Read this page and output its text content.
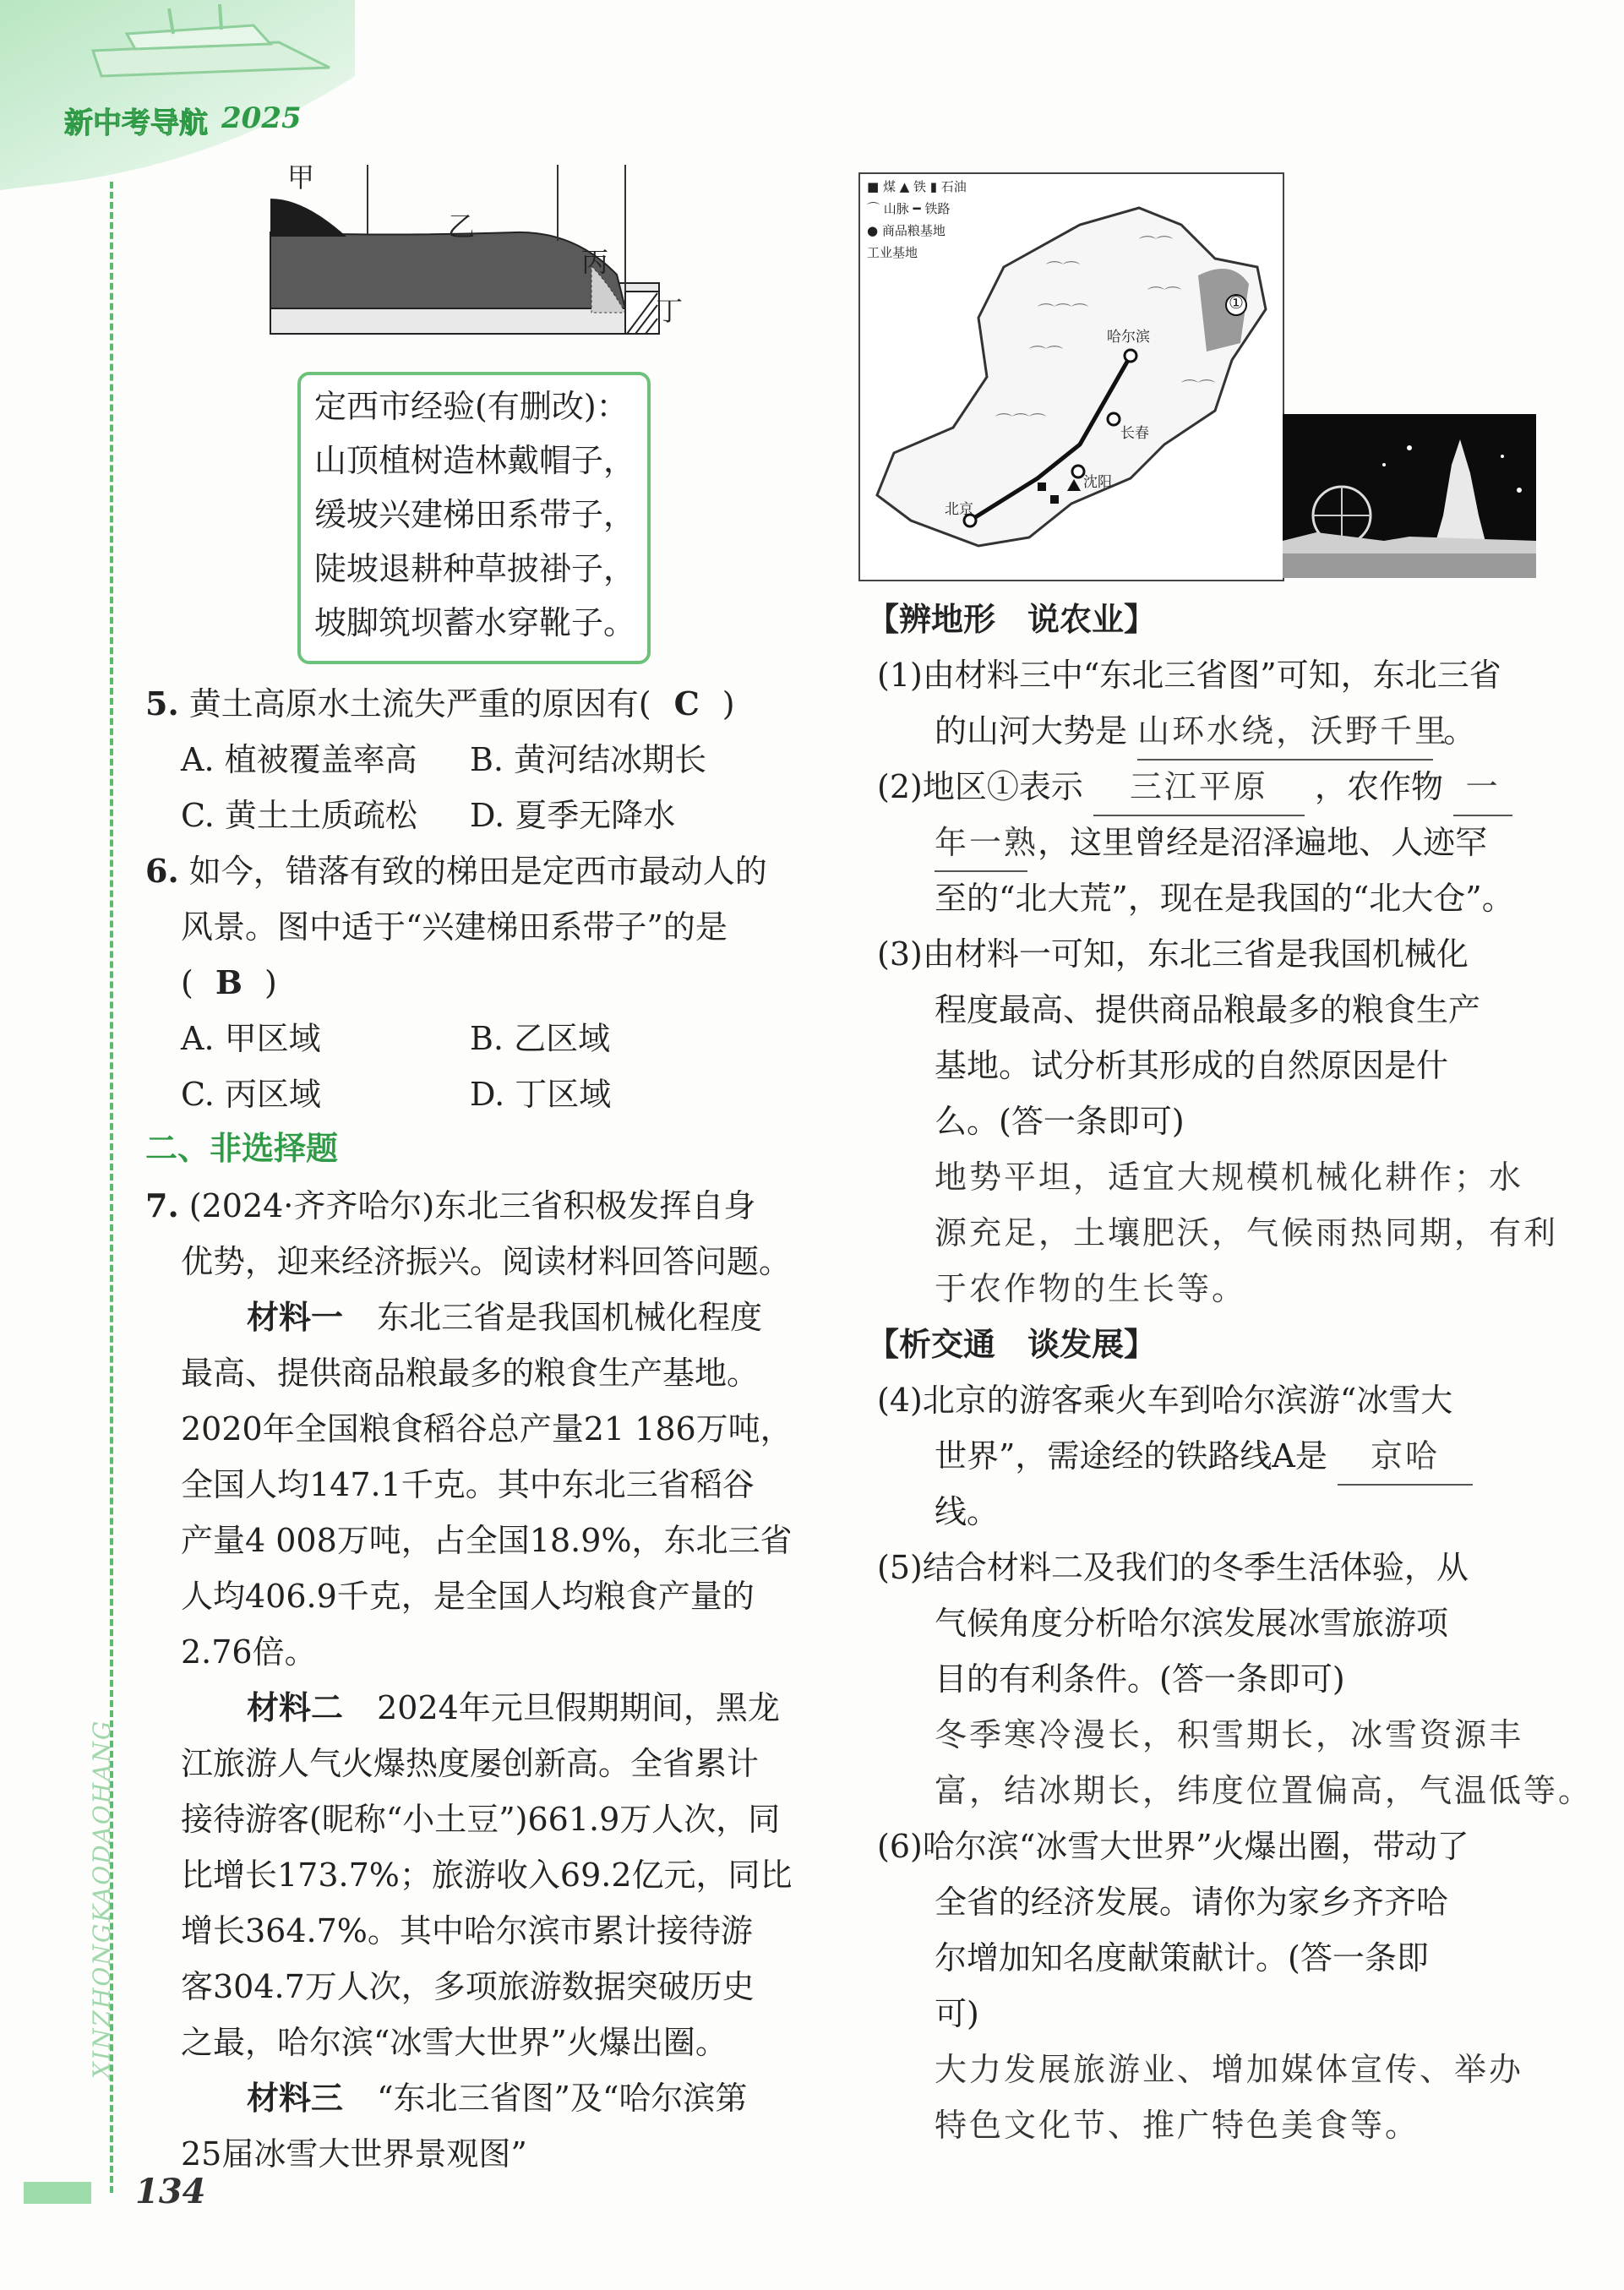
新中考导航 2025
XINZHONGKAODAOHANG
134
甲
乙
丙
丁
定西市经验(有删改)：
山顶植树造林戴帽子，
缓坡兴建梯田系带子，
陡坡退耕种草披褂子，
坡脚筑坝蓄水穿靴子。
5. 黄土高原水土流失严重的原因有( C )
A. 植被覆盖率高 B. 黄河结冰期长
C. 黄土土质疏松 D. 夏季无降水
6. 如今，错落有致的梯田是定西市最动人的
风景。图中适于“兴建梯田系带子”的是
( B )
A. 甲区域	B. 乙区域
C. 丙区域	D. 丁区域
二、非选择题
7. (2024·齐齐哈尔)东北三省积极发挥自身
优势，迎来经济振兴。阅读材料回答问题。
材料一 东北三省是我国机械化程度
最高、提供商品粮最多的粮食生产基地。
2020年全国粮食稻谷总产量21 186万吨，
全国人均147.1千克。其中东北三省稻谷
产量4 008万吨，占全国18.9%，东北三省
人均406.9千克，是全国人均粮食产量的
2.76倍。
材料二 2024年元旦假期期间，黑龙
江旅游人气火爆热度屡创新高。全省累计
接待游客(昵称“小土豆”)661.9万人次，同
比增长173.7%；旅游收入69.2亿元，同比
增长364.7%。其中哈尔滨市累计接待游
客304.7万人次，多项旅游数据突破历史
之最，哈尔滨“冰雪大世界”火爆出圈。
材料三 “东北三省图”及“哈尔滨第
25届冰雪大世界景观图”
⌒⌒
⌒⌒⌒
⌒⌒
⌒⌒
⌒⌒
⌒⌒
⌒⌒⌒
■ 煤 ▲ 铁 ▮ 石油
⌒ 山脉 ━ 铁路
● 商品粮基地
工业基地
哈尔滨
长春
沈阳
北京
①
【辨地形　说农业】
(1)由材料三中“东北三省图”可知，东北三省
的山河大势是 山环水绕，沃野千里 。
(2)地区①表示 三江平原 ，农作物 一
年一熟 ，这里曾经是沼泽遍地、人迹罕
至的“北大荒”，现在是我国的“北大仓”。
(3)由材料一可知，东北三省是我国机械化
程度最高、提供商品粮最多的粮食生产
基地。试分析其形成的自然原因是什
么。(答一条即可)
地势平坦，适宜大规模机械化耕作；水
源充足，土壤肥沃，气候雨热同期，有利
于农作物的生长等。
【析交通　谈发展】
(4)北京的游客乘火车到哈尔滨游“冰雪大
世界”，需途经的铁路线A是 京哈
线。
(5)结合材料二及我们的冬季生活体验，从
气候角度分析哈尔滨发展冰雪旅游项
目的有利条件。(答一条即可)
冬季寒冷漫长，积雪期长，冰雪资源丰
富，结冰期长，纬度位置偏高，气温低等。
(6)哈尔滨“冰雪大世界”火爆出圈，带动了
全省的经济发展。请你为家乡齐齐哈
尔增加知名度献策献计。(答一条即
可)
大力发展旅游业、增加媒体宣传、举办
特色文化节、推广特色美食等。
